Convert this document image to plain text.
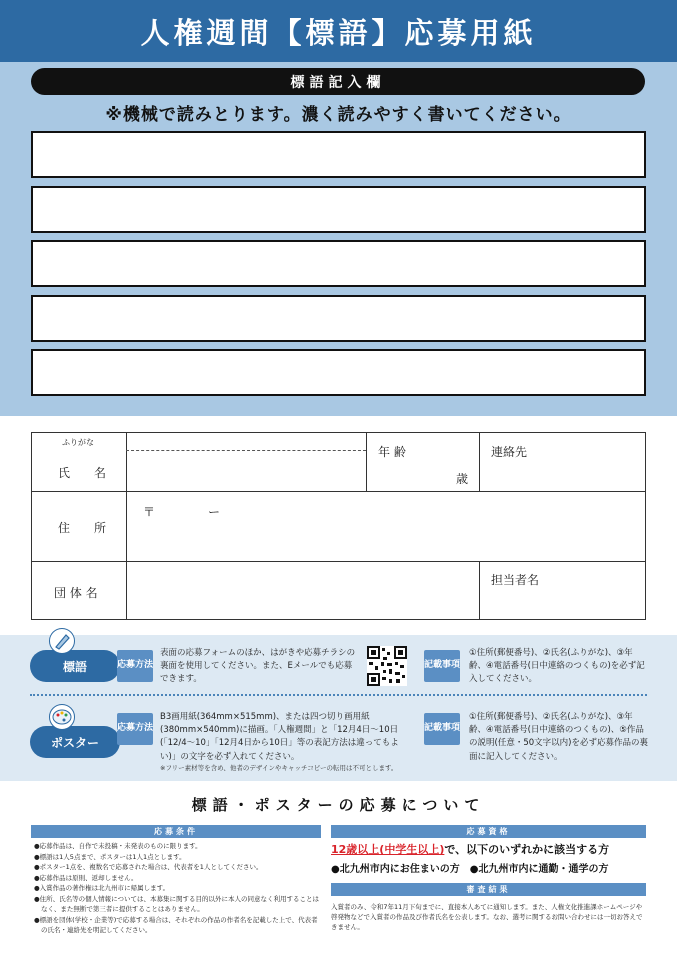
人権週間【標語】応募用紙
標語記入欄
※機械で読みとります。濃く読みやすく書いてください。
ふりがな
氏　　名
年 齢
歳
連絡先
住　　所
〒	ー
団 体 名
担当者名
標語	応募方法
表面の応募フォームのほか、はがきや応募チラシの裏面を使用してください。また、Eメールでも応募できます。
記載事項
①住所(郵便番号)、②氏名(ふりがな)、③年齢、④電話番号(日中連絡のつくもの)を必ず記入してください。
ポスター
応募方法
B3画用紙(364mm×515mm)、または四つ切り画用紙(380mm×540mm)に描画。「人権週間」と「12月4日～10日(「12/4～10」「12月4日から10日」等の表記方法は違ってもよい)」の文字を必ず入れてください。
※フリー素材等を含め、他者のデザインやキャッチコピーの転用は不可とします。
記載事項
①住所(郵便番号)、②氏名(ふりがな)、③年齢、④電話番号(日中連絡のつくもの)、⑤作品の説明(任意・50文字以内)を必ず応募作品の裏面に記入してください。
標語・ポスターの応募について
応募条件
●応募作品は、自作で未投稿・未発表のものに限ります。
●標語は1人5点まで、ポスターは1人1点とします。
●ポスター1点を、複数名で応募された場合は、代表者を1人としてください。
●応募作品は原則、返却しません。
●入賞作品の著作権は北九州市に帰属します。
●住所、氏名等の個人情報については、本募集に関する目的以外に本人の同意なく利用することはなく、また無断で第三者に提供することはありません。
●標語を団体(学校・企業等)で応募する場合は、それぞれの作品の作者名を記載した上で、代表者の氏名・連絡先を明記してください。
応募資格
12歳以上(中学生以上)で、以下のいずれかに該当する方
●北九州市内にお住まいの方　 ●北九州市内に通勤・通学の方
審査結果
入賞者のみ、令和7年11月下旬までに、直接本人あてに通知します。また、人権文化推進課ホームページや啓発物などで入賞者の作品及び作者氏名を公表します。なお、選考に関するお問い合わせには一切お答えできません。
